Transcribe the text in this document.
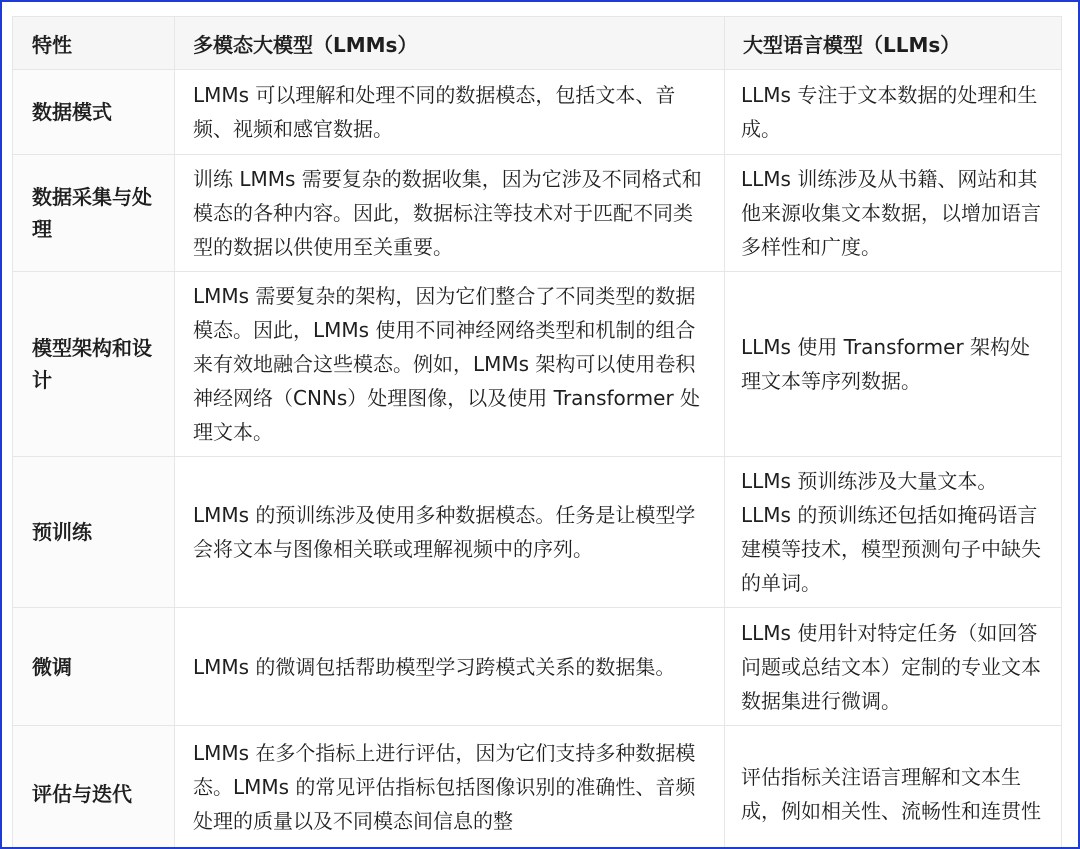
特性	多模态大模型（LMMs）	大型语言模型（LLMs）
数据模式	LMMs 可以理解和处理不同的数据模态，包括文本、音频、视频和感官数据。	LLMs 专注于文本数据的处理和生成。
数据采集与处理	训练 LMMs 需要复杂的数据收集，因为它涉及不同格式和模态的各种内容。因此，数据标注等技术对于匹配不同类型的数据以供使用至关重要。	LLMs 训练涉及从书籍、网站和其他来源收集文本数据，以增加语言多样性和广度。
模型架构和设计	LMMs 需要复杂的架构，因为它们整合了不同类型的数据模态。因此，LMMs 使用不同神经网络类型和机制的组合来有效地融合这些模态。例如，LMMs 架构可以使用卷积神经网络（CNNs）处理图像，以及使用 Transformer 处理文本。	LLMs 使用 Transformer 架构处理文本等序列数据。
预训练	LMMs 的预训练涉及使用多种数据模态。任务是让模型学会将文本与图像相关联或理解视频中的序列。	LLMs 预训练涉及大量文本。LLMs 的预训练还包括如掩码语言建模等技术，模型预测句子中缺失的单词。
微调	LMMs 的微调包括帮助模型学习跨模式关系的数据集。	LLMs 使用针对特定任务（如回答问题或总结文本）定制的专业文本数据集进行微调。
评估与迭代	LMMs 在多个指标上进行评估，因为它们支持多种数据模态。LMMs 的常见评估指标包括图像识别的准确性、音频处理的质量以及不同模态间信息的整	评估指标关注语言理解和文本生成，例如相关性、流畅性和连贯性
